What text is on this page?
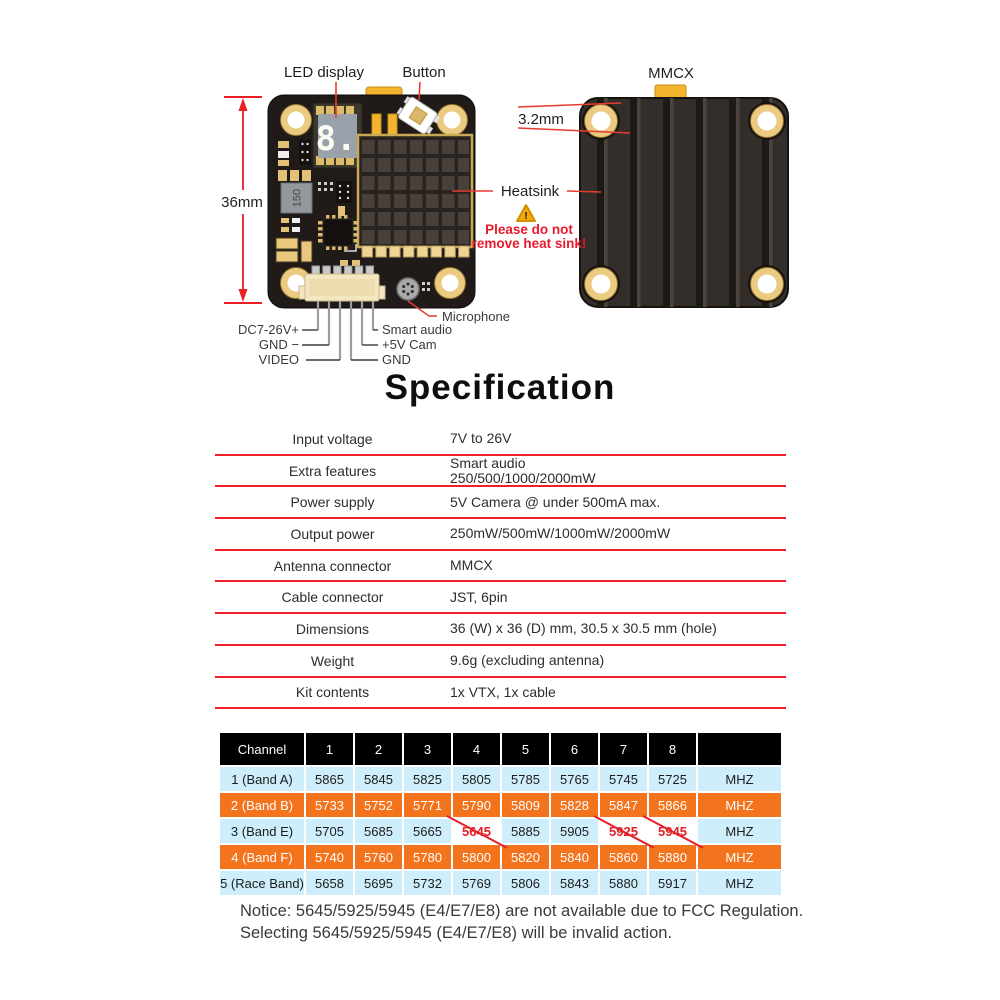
8.
150
DC7-26V+
GND −
VIDEO
Smart audio
+5V Cam
GND
Microphone
LED display	Button
36mm
MMCX
3.2mm
Heatsink
!
Please do not
remove heat sink!
Specification
Input voltage	7V to 26V
Extra features	Smart audio
250/500/1000/2000mW
Power supply	5V Camera @ under 500mA max.
Output power	250mW/500mW/1000mW/2000mW
Antenna connector	MMCX
Cable connector	JST, 6pin
Dimensions	36 (W) x 36 (D) mm, 30.5 x 30.5 mm (hole)
Weight	9.6g (excluding antenna)
Kit contents	1x VTX, 1x cable
Channel	1	2	3	4	5	6	7	8	
1 (Band A)	5865	5845	5825	5805	5785	5765	5745	5725	MHZ
2 (Band B)	5733	5752	5771	5790	5809	5828	5847	5866	MHZ
3 (Band E)	5705	5685	5665	5645	5885	5905	5925	5945	MHZ
4 (Band F)	5740	5760	5780	5800	5820	5840	5860	5880	MHZ
5 (Race Band)	5658	5695	5732	5769	5806	5843	5880	5917	MHZ
Notice: 5645/5925/5945 (E4/E7/E8) are not available due to FCC Regulation.
Selecting 5645/5925/5945 (E4/E7/E8) will be invalid action.
